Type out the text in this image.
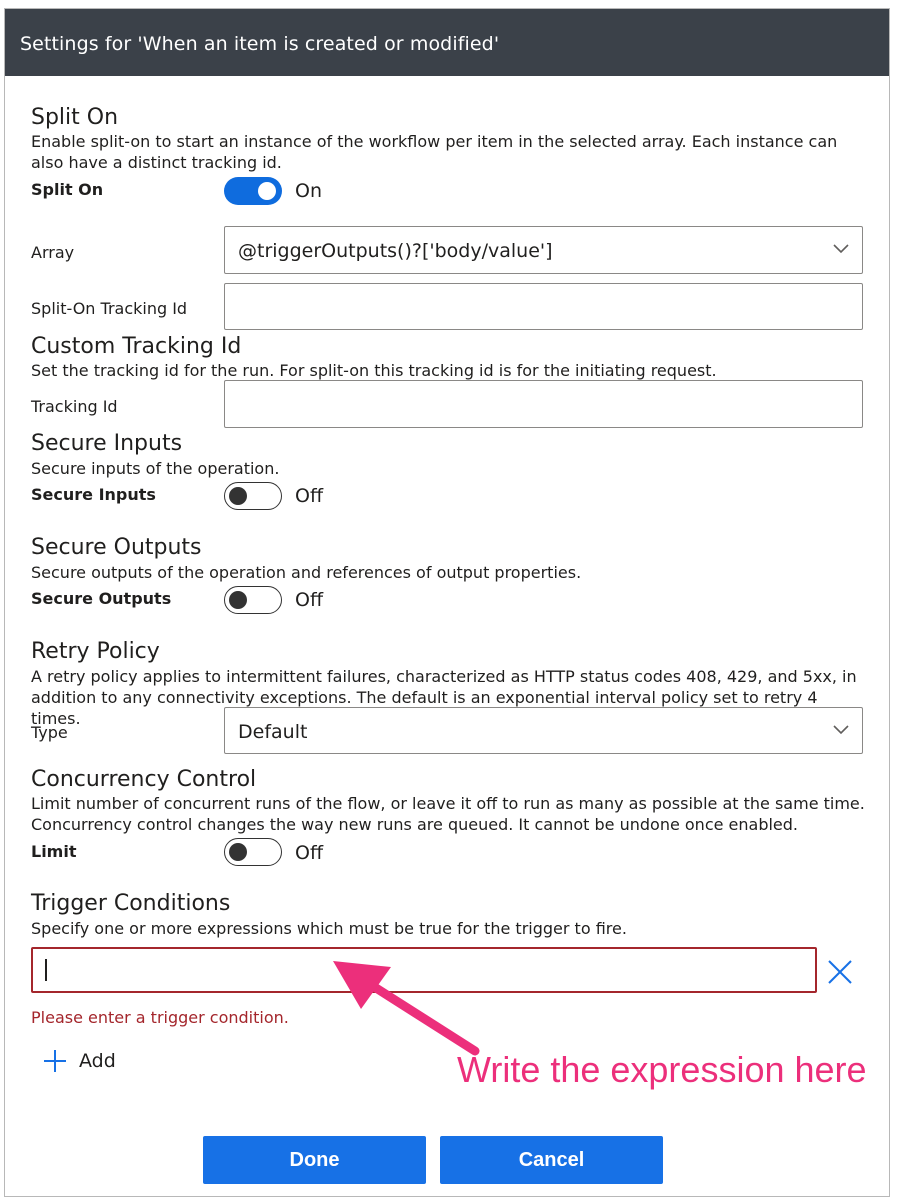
Settings for 'When an item is created or modified'
Split On
Enable split-on to start an instance of the workflow per item in the selected array. Each instance can also have a distinct tracking id.
Split On	On
Array	@triggerOutputs()?['body/value']
Split-On Tracking Id
Custom Tracking Id
Set the tracking id for the run. For split-on this tracking id is for the initiating request.
Tracking Id
Secure Inputs
Secure inputs of the operation.
Secure Inputs	Off
Secure Outputs
Secure outputs of the operation and references of output properties.
Secure Outputs	Off
Retry Policy
A retry policy applies to intermittent failures, characterized as HTTP status codes 408, 429, and 5xx, in addition to any connectivity exceptions. The default is an exponential interval policy set to retry 4 times.
Type	Default
Concurrency Control
Limit number of concurrent runs of the flow, or leave it off to run as many as possible at the same time. Concurrency control changes the way new runs are queued. It cannot be undone once enabled.
Limit	Off
Trigger Conditions
Specify one or more expressions which must be true for the trigger to fire.
Please enter a trigger condition.
Add	Write the expression here
Done	Cancel
